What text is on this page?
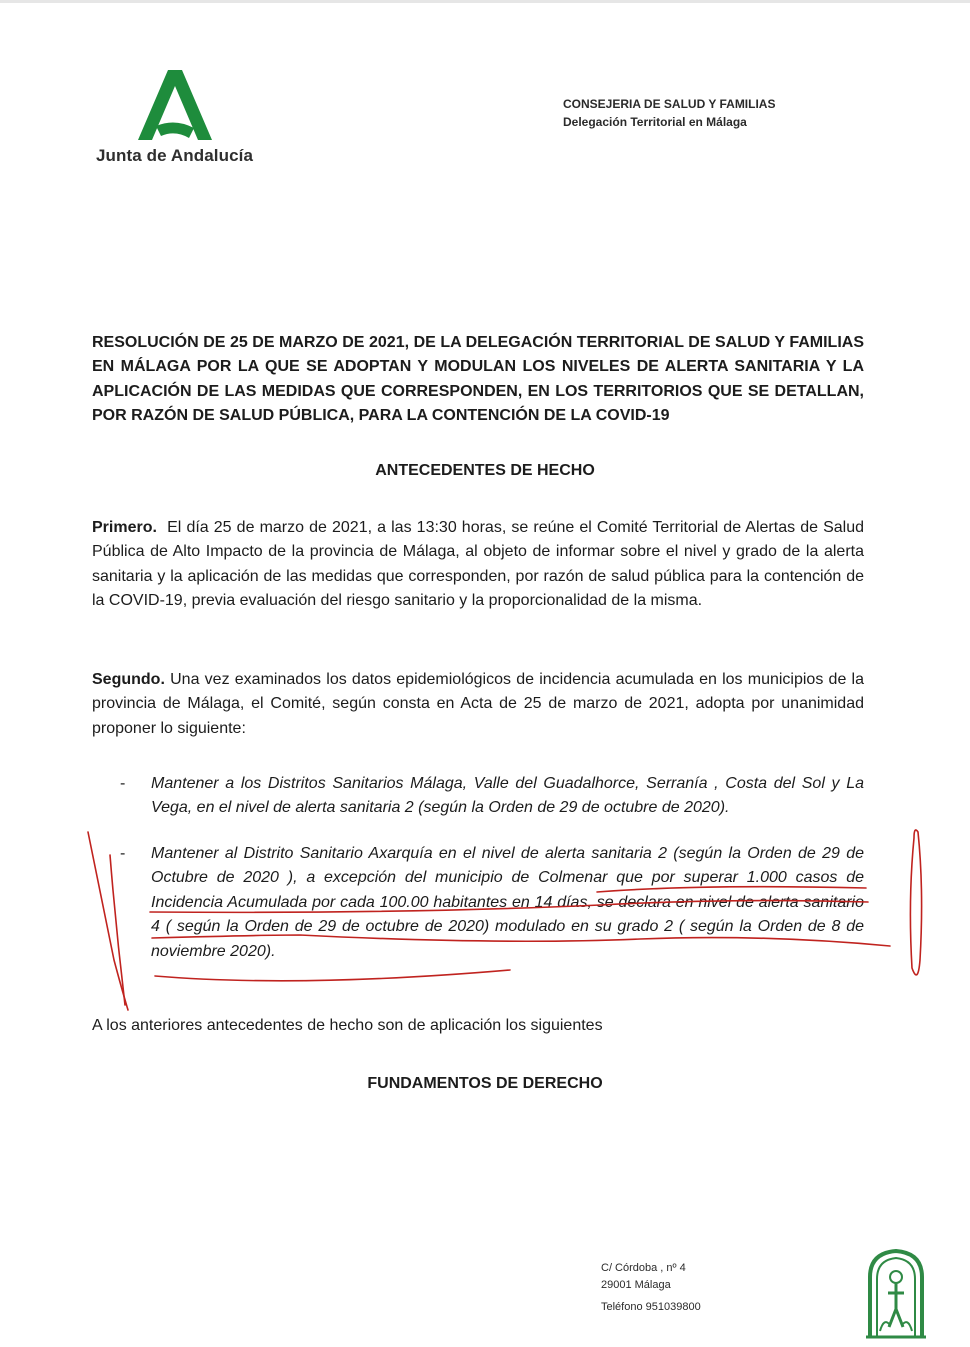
Junta de Andalucía
CONSEJERIA DE SALUD Y FAMILIAS
Delegación Territorial en Málaga
RESOLUCIÓN DE 25 DE MARZO DE 2021, DE LA DELEGACIÓN TERRITORIAL DE SALUD Y FAMILIAS EN MÁLAGA POR LA QUE SE ADOPTAN Y MODULAN LOS NIVELES DE ALERTA SANITARIA Y LA APLICACIÓN DE LAS MEDIDAS QUE CORRESPONDEN, EN LOS TERRITORIOS QUE SE DETALLAN, POR RAZÓN DE SALUD PÚBLICA, PARA LA CONTENCIÓN DE LA COVID-19
ANTECEDENTES DE HECHO
Primero. El día 25 de marzo de 2021, a las 13:30 horas, se reúne el Comité Territorial de Alertas de Salud Pública de Alto Impacto de la provincia de Málaga, al objeto de informar sobre el nivel y grado de la alerta sanitaria y la aplicación de las medidas que corresponden, por razón de salud pública para la contención de la COVID-19, previa evaluación del riesgo sanitario y la proporcionalidad de la misma.
Segundo. Una vez examinados los datos epidemiológicos de incidencia acumulada en los municipios de la provincia de Málaga, el Comité, según consta en Acta de 25 de marzo de 2021, adopta por unanimidad proponer lo siguiente:
- Mantener a los Distritos Sanitarios Málaga, Valle del Guadalhorce, Serranía , Costa del Sol y La Vega, en el nivel de alerta sanitaria 2 (según la Orden de 29 de octubre de 2020).
- Mantener al Distrito Sanitario Axarquía en el nivel de alerta sanitaria 2 (según la Orden de 29 de Octubre de 2020 ), a excepción del municipio de Colmenar que por superar 1.000 casos de Incidencia Acumulada por cada 100.00 habitantes en 14 días, se declara en nivel de alerta sanitario 4 ( según la Orden de 29 de octubre de 2020) modulado en su grado 2 ( según la Orden de 8 de noviembre 2020).
A los anteriores antecedentes de hecho son de aplicación los siguientes
FUNDAMENTOS DE DERECHO
C/ Córdoba , nº 4
29001 Málaga
Teléfono 951039800
